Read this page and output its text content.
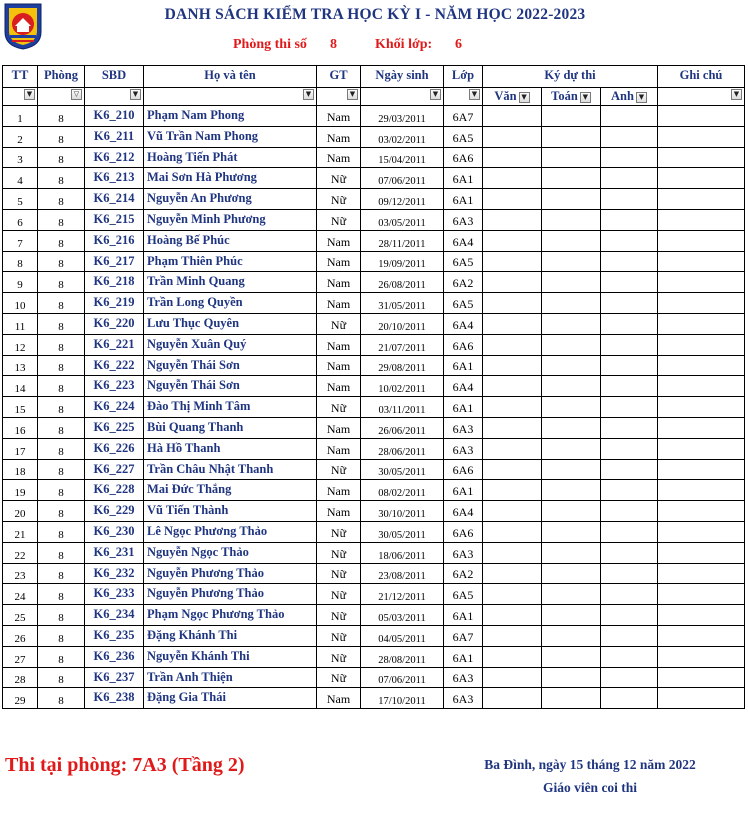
DANH SÁCH KIỂM TRA HỌC KỲ I - NĂM HỌC 2022-2023
Phòng thi số 8	Khối lớp: 6
TT	Phòng	SBD	Họ và tên	GT	Ngày sinh	Lớp	Ký dự thi			Ghi chú

▼	▽	▼	▼	▼	▼	▼	Văn ▼	Toán ▼	Anh ▼	▼

1	8	K6_210	Phạm Nam Phong	Nam	29/03/2011	6A7				
2	8	K6_211	Vũ Trần Nam Phong	Nam	03/02/2011	6A5				
3	8	K6_212	Hoàng Tiến Phát	Nam	15/04/2011	6A6				
4	8	K6_213	Mai Sơn Hà Phương	Nữ	07/06/2011	6A1				
5	8	K6_214	Nguyễn An Phương	Nữ	09/12/2011	6A1				
6	8	K6_215	Nguyễn Minh Phương	Nữ	03/05/2011	6A3				
7	8	K6_216	Hoàng Bế Phúc	Nam	28/11/2011	6A4				
8	8	K6_217	Phạm Thiên Phúc	Nam	19/09/2011	6A5				
9	8	K6_218	Trần Minh Quang	Nam	26/08/2011	6A2				
10	8	K6_219	Trần Long Quyền	Nam	31/05/2011	6A5				
11	8	K6_220	Lưu Thục Quyên	Nữ	20/10/2011	6A4				
12	8	K6_221	Nguyễn Xuân Quý	Nam	21/07/2011	6A6				
13	8	K6_222	Nguyễn Thái Sơn	Nam	29/08/2011	6A1				
14	8	K6_223	Nguyễn Thái Sơn	Nam	10/02/2011	6A4				
15	8	K6_224	Đào Thị Minh Tâm	Nữ	03/11/2011	6A1				
16	8	K6_225	Bùi Quang Thanh	Nam	26/06/2011	6A3				
17	8	K6_226	Hà Hồ Thanh	Nam	28/06/2011	6A3				
18	8	K6_227	Trần Châu Nhật Thanh	Nữ	30/05/2011	6A6				
19	8	K6_228	Mai Đức Thắng	Nam	08/02/2011	6A1				
20	8	K6_229	Vũ Tiến Thành	Nam	30/10/2011	6A4				
21	8	K6_230	Lê Ngọc Phương Thảo	Nữ	30/05/2011	6A6				
22	8	K6_231	Nguyễn Ngọc Thảo	Nữ	18/06/2011	6A3				
23	8	K6_232	Nguyễn Phương Thảo	Nữ	23/08/2011	6A2				
24	8	K6_233	Nguyễn Phương Thảo	Nữ	21/12/2011	6A5				
25	8	K6_234	Phạm Ngọc Phương Thảo	Nữ	05/03/2011	6A1				
26	8	K6_235	Đặng Khánh Thi	Nữ	04/05/2011	6A7				
27	8	K6_236	Nguyễn Khánh Thi	Nữ	28/08/2011	6A1				
28	8	K6_237	Trần Anh Thiện	Nữ	07/06/2011	6A3				
29	8	K6_238	Đặng Gia Thái	Nam	17/10/2011	6A3				
Thi tại phòng: 7A3 (Tầng 2)	Ba Đình, ngày 15 tháng 12 năm 2022
Giáo viên coi thi
